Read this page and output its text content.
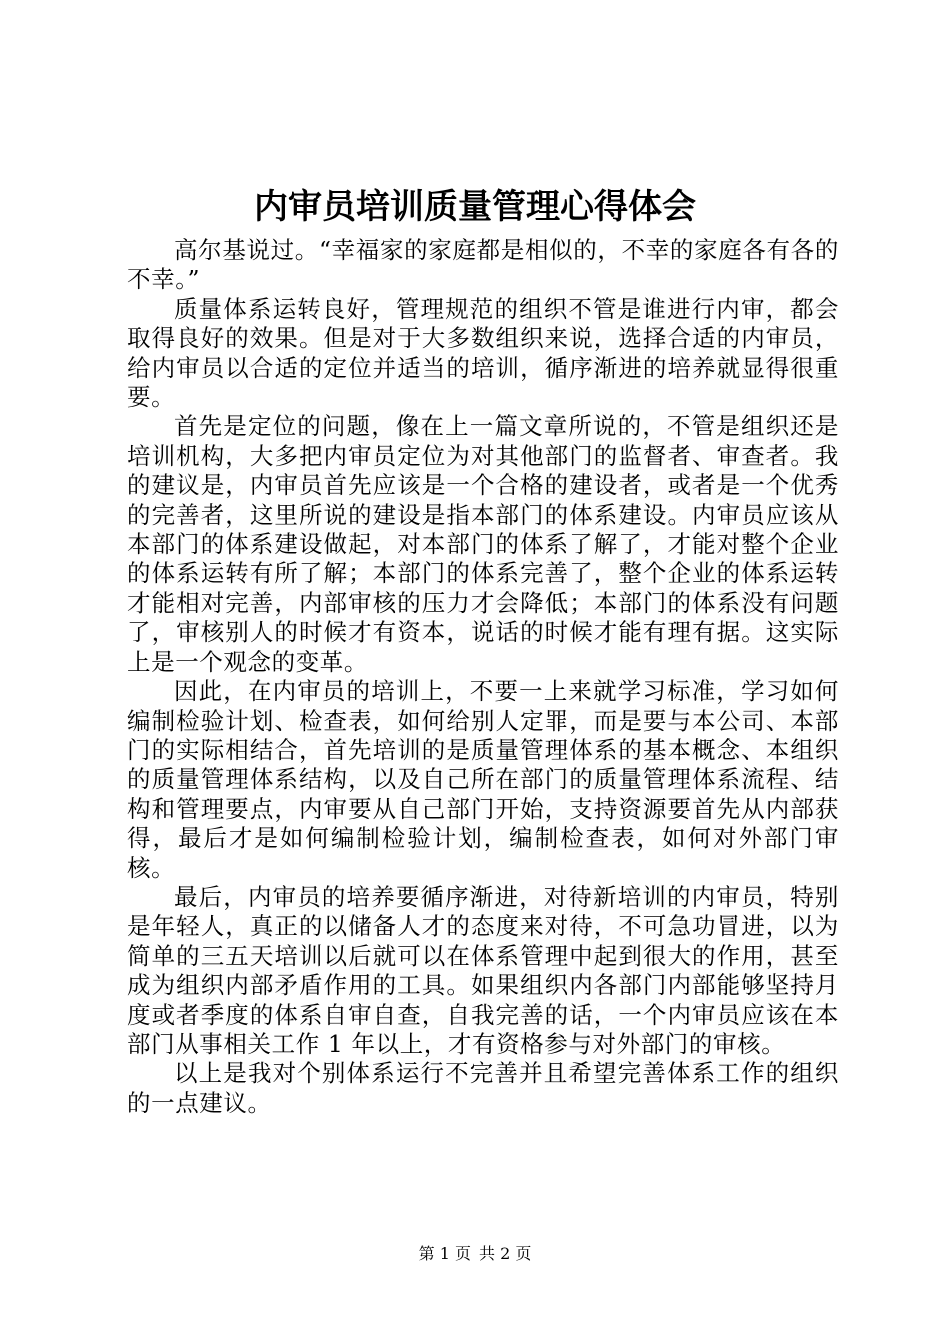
内审员培训质量管理心得体会

高尔基说过。“幸福家的家庭都是相似的，不幸的家庭各有各的不幸。”

质量体系运转良好，管理规范的组织不管是谁进行内审，都会取得良好的效果。但是对于大多数组织来说，选择合适的内审员，给内审员以合适的定位并适当的培训，循序渐进的培养就显得很重要。

首先是定位的问题，像在上一篇文章所说的，不管是组织还是培训机构，大多把内审员定位为对其他部门的监督者、审查者。我的建议是，内审员首先应该是一个合格的建设者，或者是一个优秀的完善者，这里所说的建设是指本部门的体系建设。内审员应该从本部门的体系建设做起，对本部门的体系了解了，才能对整个企业的体系运转有所了解；本部门的体系完善了，整个企业的体系运转才能相对完善，内部审核的压力才会降低；本部门的体系没有问题了，审核别人的时候才有资本，说话的时候才能有理有据。这实际上是一个观念的变革。

因此，在内审员的培训上，不要一上来就学习标准，学习如何编制检验计划、检查表，如何给别人定罪，而是要与本公司、本部门的实际相结合，首先培训的是质量管理体系的基本概念、本组织的质量管理体系结构，以及自己所在部门的质量管理体系流程、结构和管理要点，内审要从自己部门开始，支持资源要首先从内部获得，最后才是如何编制检验计划，编制检查表，如何对外部门审核。

最后，内审员的培养要循序渐进，对待新培训的内审员，特别是年轻人，真正的以储备人才的态度来对待，不可急功冒进，以为简单的三五天培训以后就可以在体系管理中起到很大的作用，甚至成为组织内部矛盾作用的工具。如果组织内各部门内部能够坚持月度或者季度的体系自审自查，自我完善的话，一个内审员应该在本部门从事相关工作 1 年以上，才有资格参与对外部门的审核。

以上是我对个别体系运行不完善并且希望完善体系工作的组织的一点建议。

第 1 页 共 2 页
